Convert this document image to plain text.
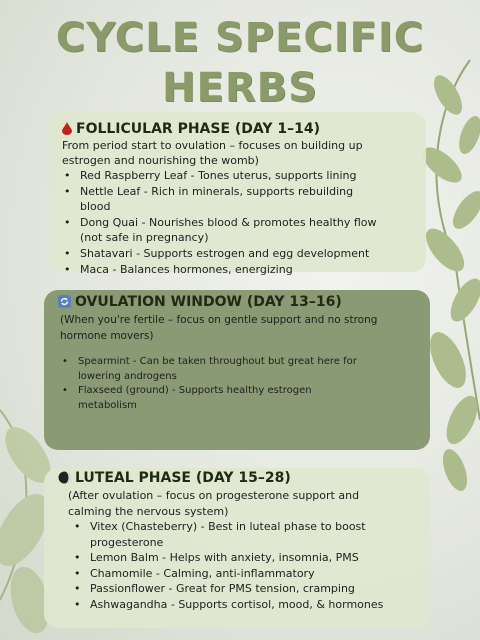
CYCLE SPECIFIC
HERBS
FOLLICULAR PHASE (DAY 1–14)
From period start to ovulation – focuses on building up
estrogen and nourishing the womb)
• Red Raspberry Leaf - Tones uterus, supports lining
• Nettle Leaf - Rich in minerals, supports rebuilding
blood
• Dong Quai - Nourishes blood & promotes healthy flow
(not safe in pregnancy)
• Shatavari - Supports estrogen and egg development
• Maca - Balances hormones, energizing
OVULATION WINDOW (DAY 13–16)
(When you're fertile – focus on gentle support and no strong
hormone movers)
• Spearmint - Can be taken throughout but great here for
lowering androgens
• Flaxseed (ground) - Supports healthy estrogen
metabolism
LUTEAL PHASE (DAY 15–28)
(After ovulation – focus on progesterone support and
calming the nervous system)
• Vitex (Chasteberry) - Best in luteal phase to boost
progesterone
• Lemon Balm - Helps with anxiety, insomnia, PMS
• Chamomile - Calming, anti-inflammatory
• Passionflower - Great for PMS tension, cramping
• Ashwagandha - Supports cortisol, mood, & hormones
